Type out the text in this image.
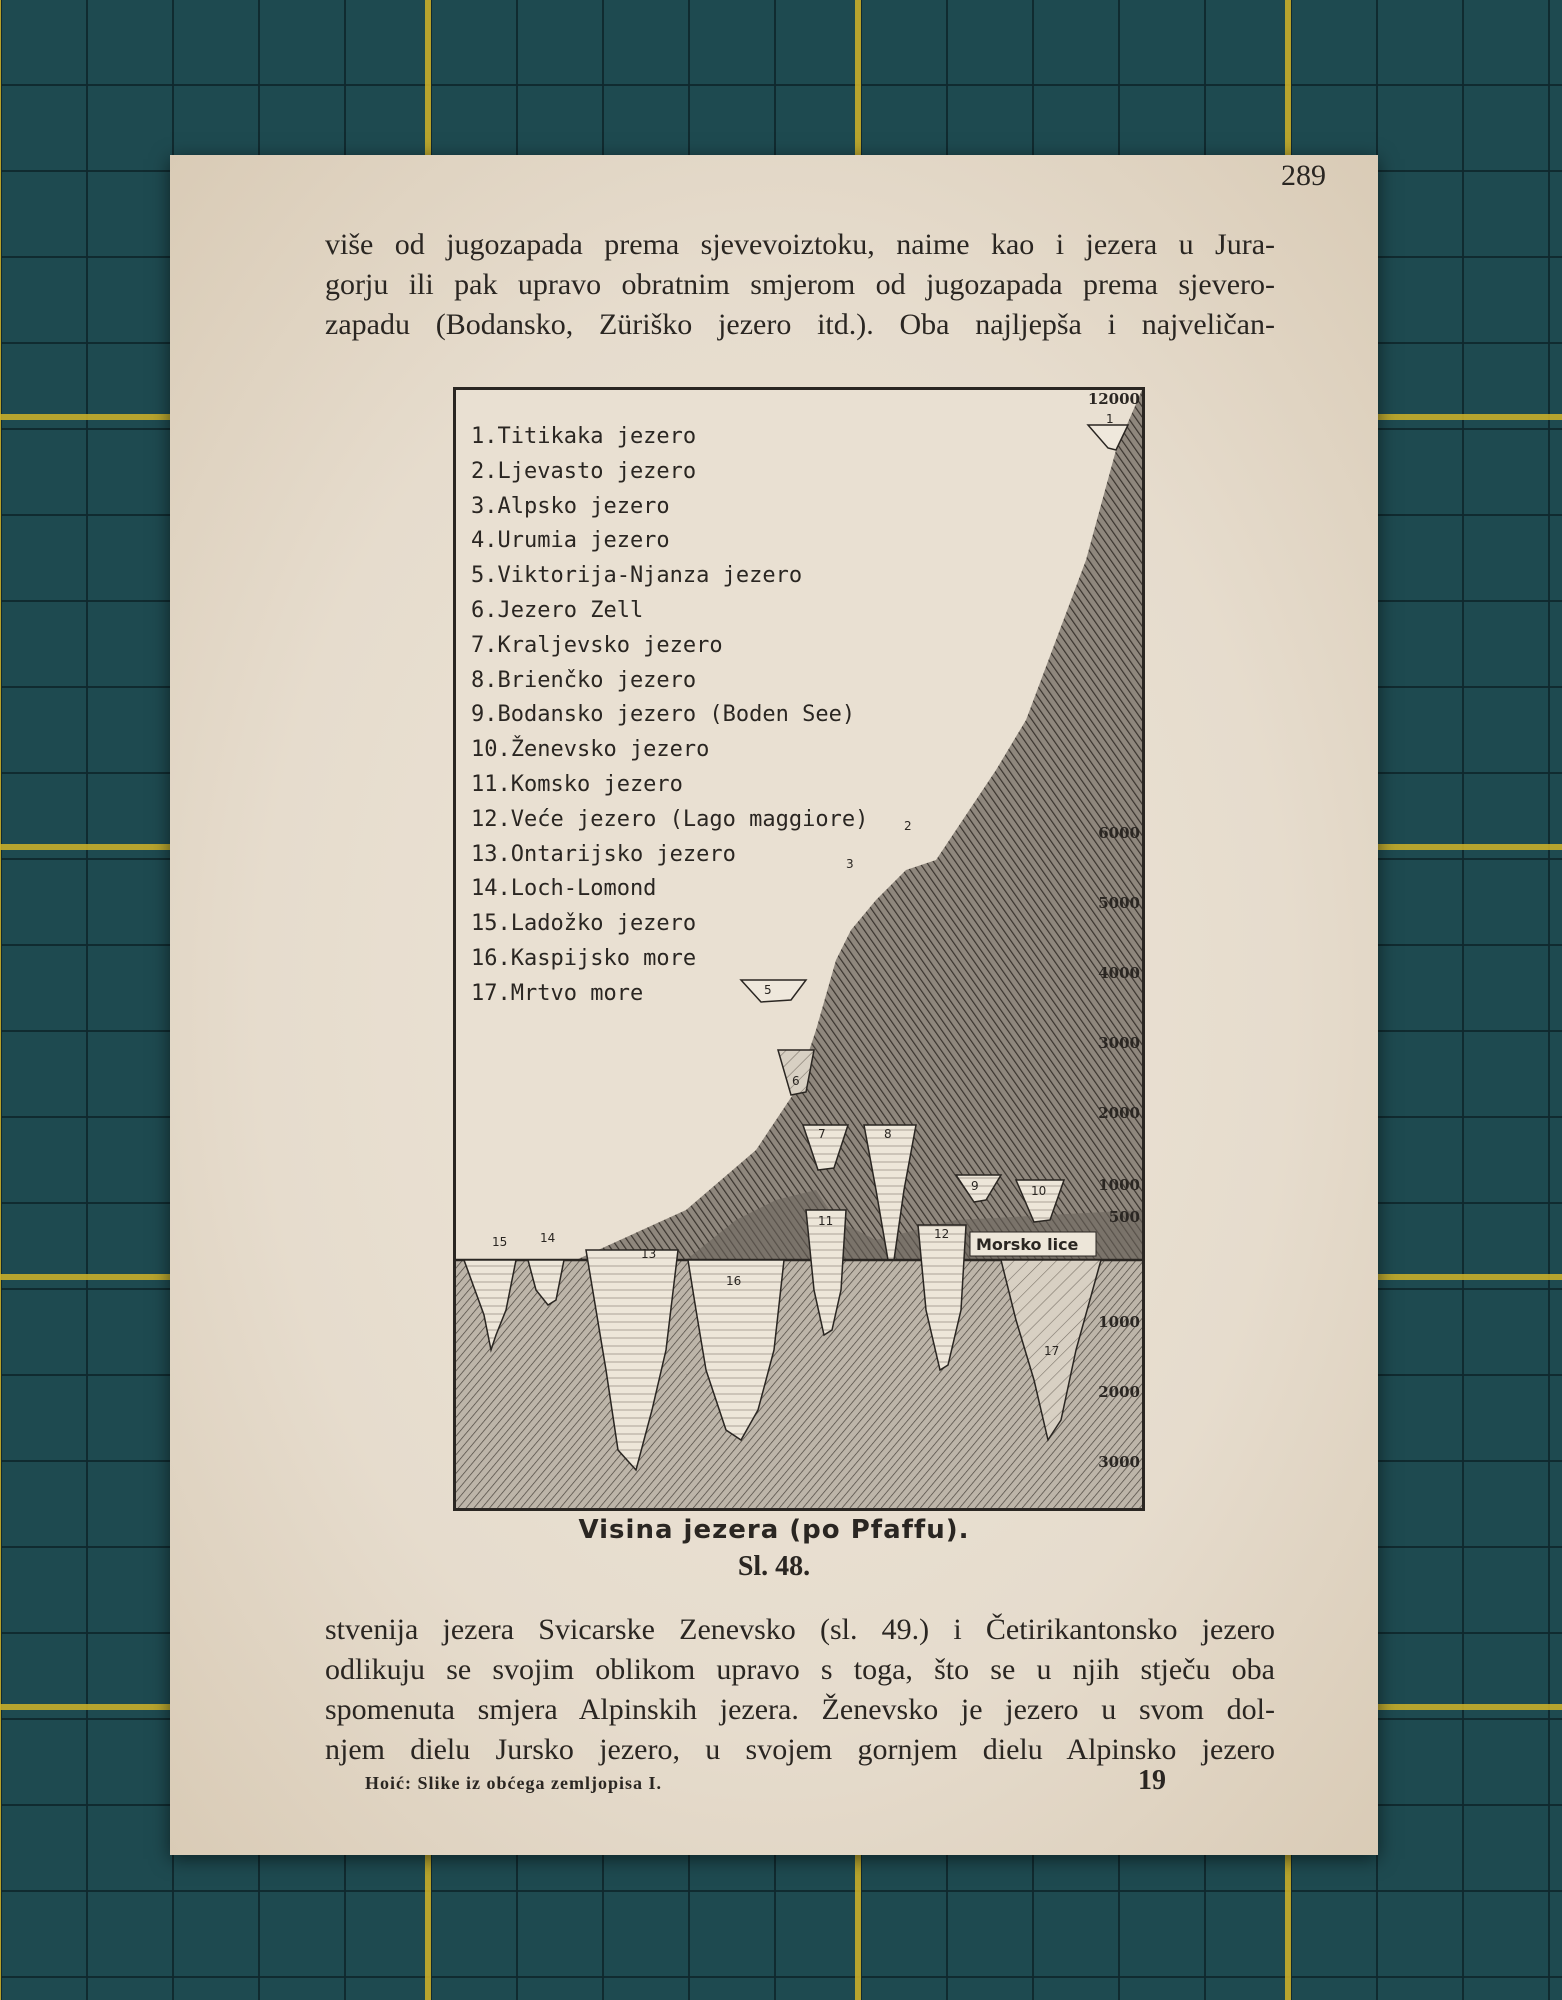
289
više od jugozapada prema sjevevoiztoku, naime kao i jezera u Jura-
gorju ili pak upravo obratnim smjerom od jugozapada prema sjevero-
zapadu (Bodansko, Züriško jezero itd.). Oba najljepša i najveličan-
1
2
3
5
6
7	8
9	10
11
12
13
14
15
16
17
12000
6000
5000
4000
3000
2000
1000
500
1000
2000
3000
Morsko lice
1.Titikaka jezero
2.Ljevasto jezero
3.Alpsko jezero
4.Urumia jezero
5.Viktorija-Njanza jezero
6.Jezero Zell
7.Kraljevsko jezero
8.Brienčko jezero
9.Bodansko jezero (Boden See)
10.Ženevsko jezero
11.Komsko jezero
12.Veće jezero (Lago maggiore)
13.Ontarijsko jezero
14.Loch-Lomond
15.Ladožko jezero
16.Kaspijsko more
17.Mrtvo more
Visina jezera (po Pfaffu).
Sl. 48.
stvenija jezera Svicarske Zenevsko (sl. 49.) i Četirikantonsko jezero
odlikuju se svojim oblikom upravo s toga, što se u njih stječu oba
spomenuta smjera Alpinskih jezera. Ženevsko je jezero u svom dol-
njem dielu Jursko jezero, u svojem gornjem dielu Alpinsko jezero
Hoić: Slike iz obćega zemljopisa I.	19
